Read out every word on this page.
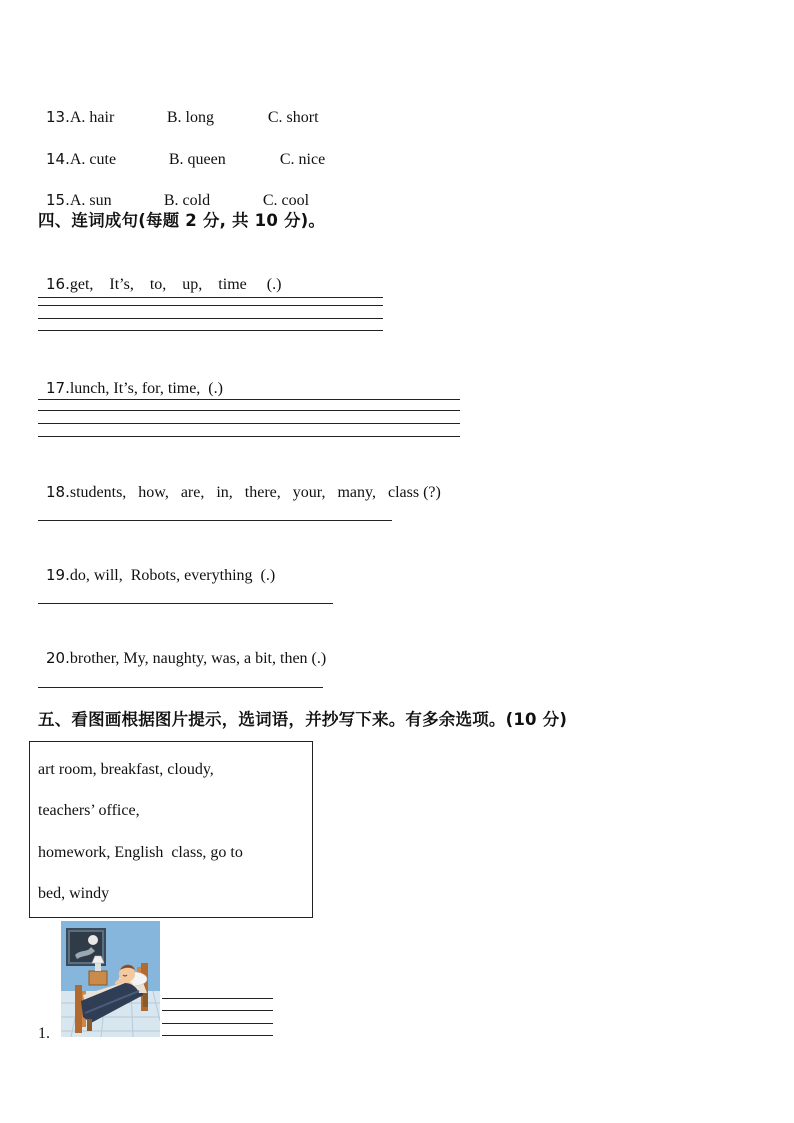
13.A. hair	B. long	C. short

14.A. cute	B. queen	C. nice

15.A. sun	B. cold	C. cool

四、连词成句(每题 2 分, 共 10 分)。

16.get,    It’s,    to,    up,    time     (.)

17.lunch, It’s, for, time,  (.)

18.students,   how,   are,   in,   there,   your,   many,   class (?)

19.do, will,  Robots, everything  (.)

20.brother, My, naughty, was, a bit, then (.)

五、看图画根据图片提示，选词语，并抄写下来。有多余选项。(10 分)
art room, breakfast, cloudy,
teachers’ office,
homework, English  class, go to
bed, windy
1.
